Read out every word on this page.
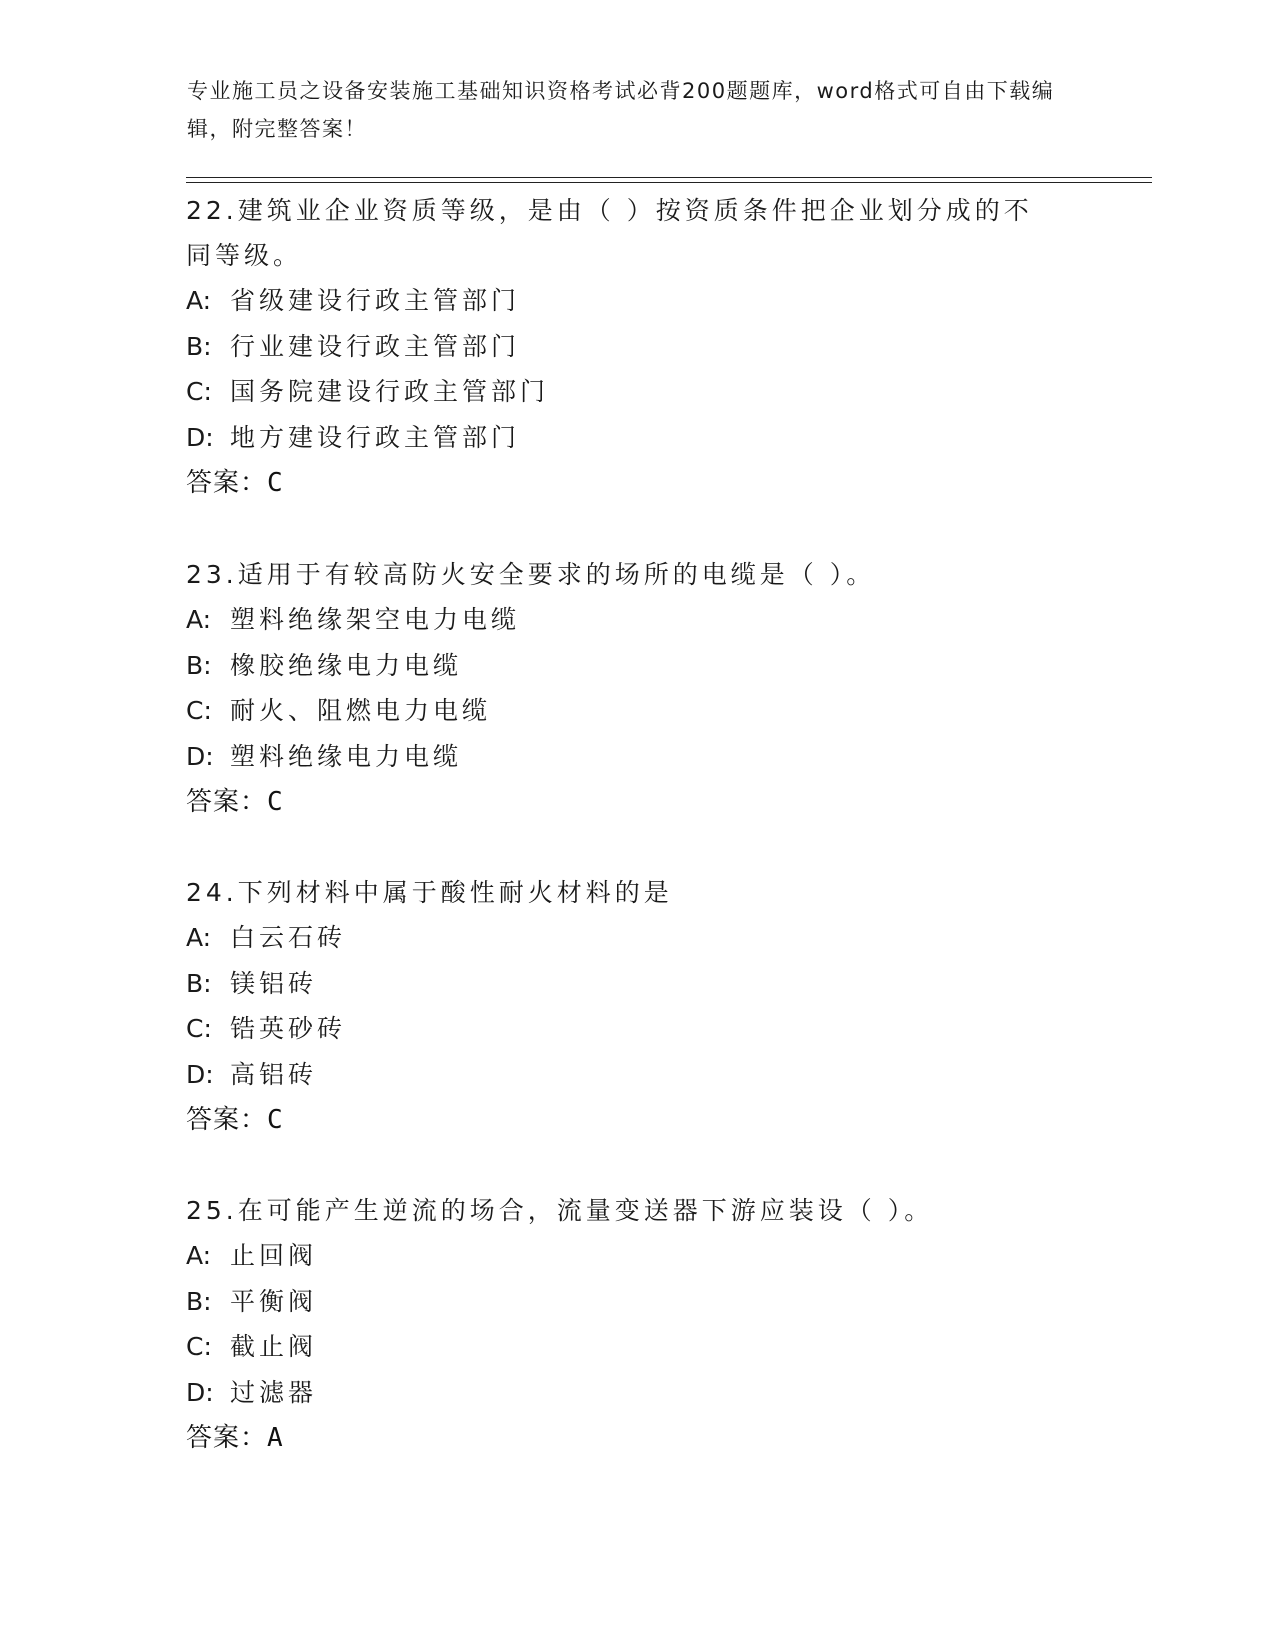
专业施工员之设备安装施工基础知识资格考试必背200题题库，word格式可自由下载编辑，附完整答案！
22.建筑业企业资质等级，是由（ ）按资质条件把企业划分成的不同等级。
A: 省级建设行政主管部门
B: 行业建设行政主管部门
C: 国务院建设行政主管部门
D: 地方建设行政主管部门
答案：C
23.适用于有较高防火安全要求的场所的电缆是（ ）。
A: 塑料绝缘架空电力电缆
B: 橡胶绝缘电力电缆
C: 耐火、阻燃电力电缆
D: 塑料绝缘电力电缆
答案：C
24.下列材料中属于酸性耐火材料的是
A: 白云石砖
B: 镁铝砖
C: 锆英砂砖
D: 高铝砖
答案：C
25.在可能产生逆流的场合，流量变送器下游应装设（ ）。
A: 止回阀
B: 平衡阀
C: 截止阀
D: 过滤器
答案：A
